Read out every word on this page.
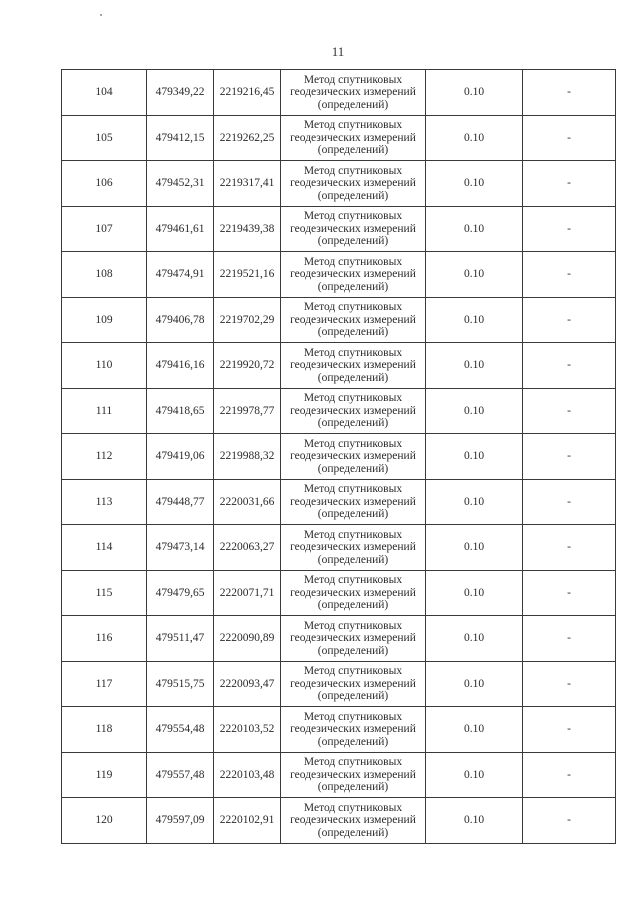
11
104	479349,22	2219216,45	Метод спутниковых
геодезических измерений
(определений)	0.10	-
105	479412,15	2219262,25	Метод спутниковых
геодезических измерений
(определений)	0.10	-
106	479452,31	2219317,41	Метод спутниковых
геодезических измерений
(определений)	0.10	-
107	479461,61	2219439,38	Метод спутниковых
геодезических измерений
(определений)	0.10	-
108	479474,91	2219521,16	Метод спутниковых
геодезических измерений
(определений)	0.10	-
109	479406,78	2219702,29	Метод спутниковых
геодезических измерений
(определений)	0.10	-
110	479416,16	2219920,72	Метод спутниковых
геодезических измерений
(определений)	0.10	-
111	479418,65	2219978,77	Метод спутниковых
геодезических измерений
(определений)	0.10	-
112	479419,06	2219988,32	Метод спутниковых
геодезических измерений
(определений)	0.10	-
113	479448,77	2220031,66	Метод спутниковых
геодезических измерений
(определений)	0.10	-
114	479473,14	2220063,27	Метод спутниковых
геодезических измерений
(определений)	0.10	-
115	479479,65	2220071,71	Метод спутниковых
геодезических измерений
(определений)	0.10	-
116	479511,47	2220090,89	Метод спутниковых
геодезических измерений
(определений)	0.10	-
117	479515,75	2220093,47	Метод спутниковых
геодезических измерений
(определений)	0.10	-
118	479554,48	2220103,52	Метод спутниковых
геодезических измерений
(определений)	0.10	-
119	479557,48	2220103,48	Метод спутниковых
геодезических измерений
(определений)	0.10	-
120	479597,09	2220102,91	Метод спутниковых
геодезических измерений
(определений)	0.10	-
